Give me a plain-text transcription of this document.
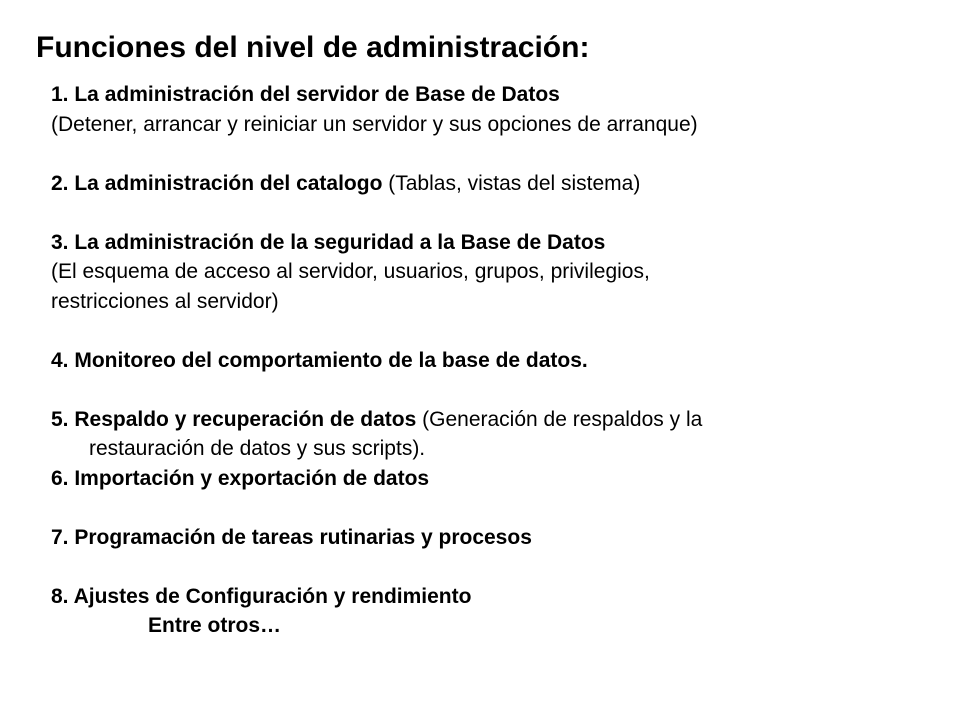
Funciones del nivel de administración:
1. La administración del servidor de Base de Datos
(Detener, arrancar y reiniciar un servidor y sus opciones de arranque)
2. La administración del catalogo (Tablas, vistas del sistema)
3. La administración de la seguridad a la Base de Datos
(El esquema de acceso al servidor, usuarios, grupos, privilegios,
restricciones al servidor)
4. Monitoreo del comportamiento de la base de datos.
5. Respaldo y recuperación de datos (Generación de respaldos y la
restauración de datos y sus scripts).
6. Importación y exportación de datos
7. Programación de tareas rutinarias y procesos
8. Ajustes de Configuración y rendimiento
Entre otros…
